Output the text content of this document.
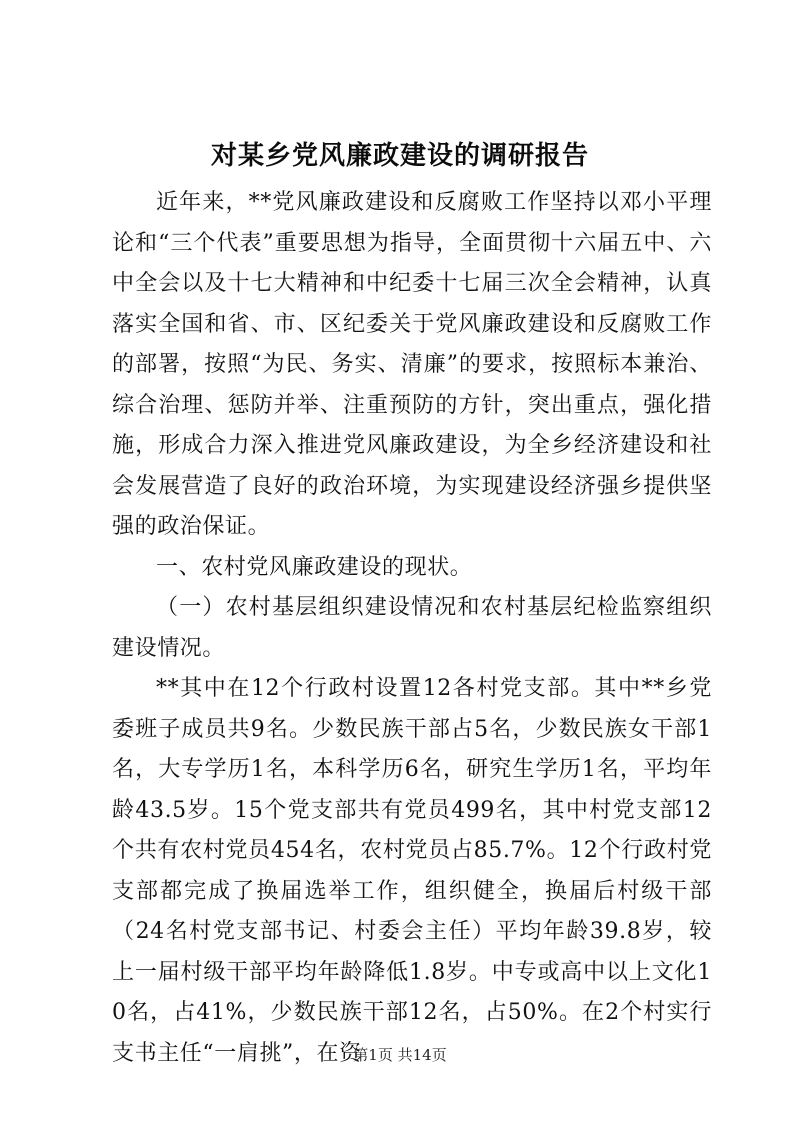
对某乡党风廉政建设的调研报告

近年来，**党风廉政建设和反腐败工作坚持以邓小平理论和“三个代表”重要思想为指导，全面贯彻十六届五中、六中全会以及十七大精神和中纪委十七届三次全会精神，认真落实全国和省、市、区纪委关于党风廉政建设和反腐败工作的部署，按照“为民、务实、清廉”的要求，按照标本兼治、综合治理、惩防并举、注重预防的方针，突出重点，强化措施，形成合力深入推进党风廉政建设，为全乡经济建设和社会发展营造了良好的政治环境，为实现建设经济强乡提供坚强的政治保证。

一、农村党风廉政建设的现状。

（一）农村基层组织建设情况和农村基层纪检监察组织建设情况。

**其中在12个行政村设置12各村党支部。其中**乡党委班子成员共9名。少数民族干部占5名，少数民族女干部1名，大专学历1名，本科学历6名，研究生学历1名，平均年龄43.5岁。15个党支部共有党员499名，其中村党支部12个共有农村党员454名，农村党员占85.7%。12个行政村党支部都完成了换届选举工作，组织健全，换届后村级干部（24名村党支部书记、村委会主任）平均年龄39.8岁，较上一届村级干部平均年龄降低1.8岁。中专或高中以上文化10名，占41%，少数民族干部12名，占50%。在2个村实行支书主任“一肩挑”，在资

第1页 共14页
